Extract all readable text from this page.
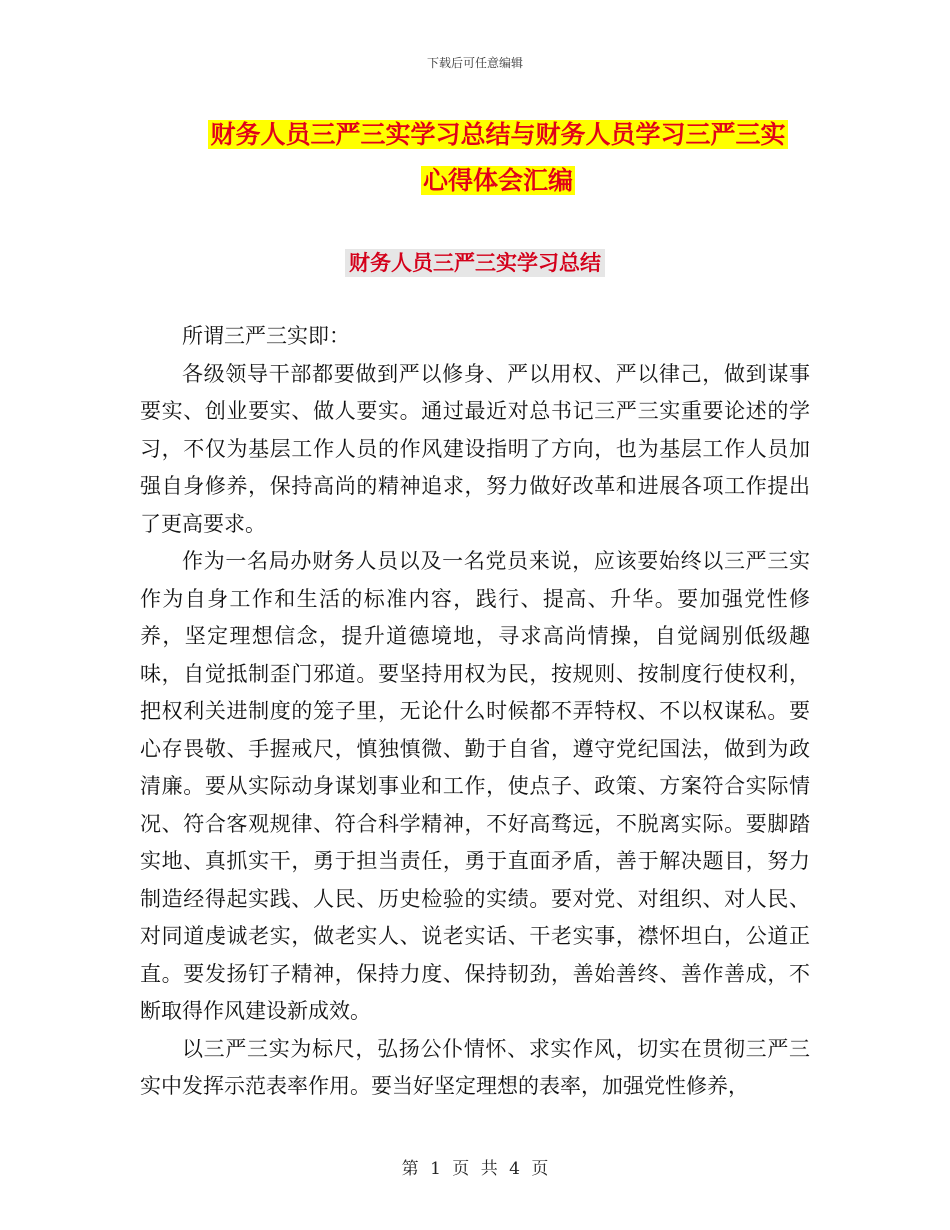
下载后可任意编辑
财务人员三严三实学习总结与财务人员学习三严三实
心得体会汇编
财务人员三严三实学习总结

所谓三严三实即：

各级领导干部都要做到严以修身、严以用权、严以律己，做到谋事要实、创业要实、做人要实。通过最近对总书记三严三实重要论述的学习，不仅为基层工作人员的作风建设指明了方向，也为基层工作人员加强自身修养，保持高尚的精神追求，努力做好改革和进展各项工作提出了更高要求。

作为一名局办财务人员以及一名党员来说，应该要始终以三严三实作为自身工作和生活的标准内容，践行、提高、升华。要加强党性修养，坚定理想信念，提升道德境地，寻求高尚情操，自觉阔别低级趣味，自觉抵制歪门邪道。要坚持用权为民，按规则、按制度行使权利，把权利关进制度的笼子里，无论什么时候都不弄特权、不以权谋私。要心存畏敬、手握戒尺，慎独慎微、勤于自省，遵守党纪国法，做到为政清廉。要从实际动身谋划事业和工作，使点子、政策、方案符合实际情况、符合客观规律、符合科学精神，不好高骛远，不脱离实际。要脚踏实地、真抓实干，勇于担当责任，勇于直面矛盾，善于解决题目，努力制造经得起实践、人民、历史检验的实绩。要对党、对组织、对人民、对同道虔诚老实，做老实人、说老实话、干老实事，襟怀坦白，公道正直。要发扬钉子精神，保持力度、保持韧劲，善始善终、善作善成，不断取得作风建设新成效。

以三严三实为标尺，弘扬公仆情怀、求实作风，切实在贯彻三严三实中发挥示范表率作用。要当好坚定理想的表率，加强党性修养，

第 1 页 共 4 页
